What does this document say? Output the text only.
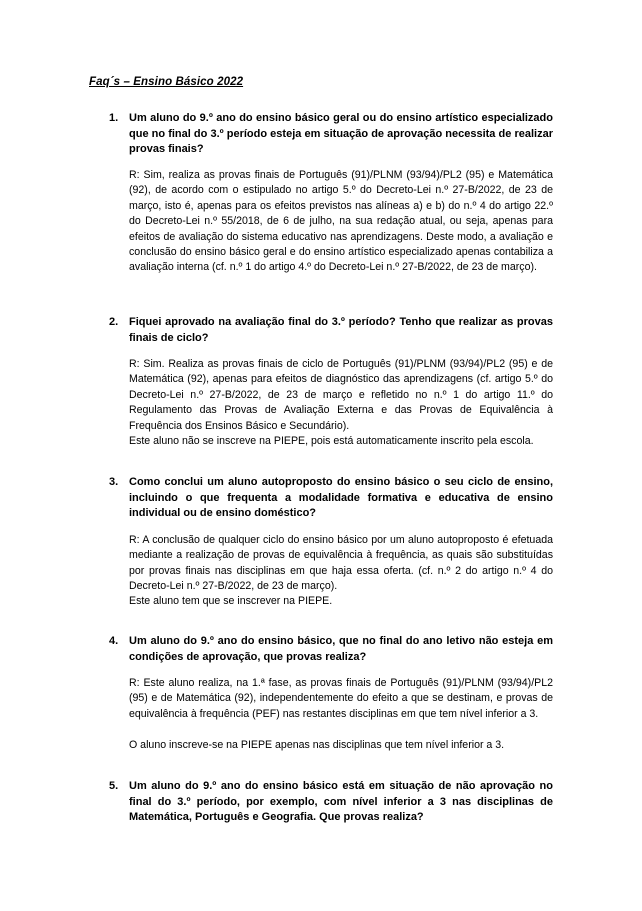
Faq´s – Ensino Básico 2022

1. Um aluno do 9.º ano do ensino básico geral ou do ensino artístico especializado que no final do 3.º período esteja em situação de aprovação necessita de realizar provas finais?

R: Sim, realiza as provas finais de Português (91)/PLNM (93/94)/PL2 (95) e Matemática (92), de acordo com o estipulado no artigo 5.º do Decreto-Lei n.º 27-B/2022, de 23 de março, isto é, apenas para os efeitos previstos nas alíneas a) e b) do n.º 4 do artigo 22.º do Decreto-Lei n.º 55/2018, de 6 de julho, na sua redação atual, ou seja, apenas para efeitos de avaliação do sistema educativo nas aprendizagens. Deste modo, a avaliação e conclusão do ensino básico geral e do ensino artístico especializado apenas contabiliza a avaliação interna (cf. n.º 1 do artigo 4.º do Decreto-Lei n.º 27-B/2022, de 23 de março).

2. Fiquei aprovado na avaliação final do 3.º período? Tenho que realizar as provas finais de ciclo?

R: Sim. Realiza as provas finais de ciclo de Português (91)/PLNM (93/94)/PL2 (95) e de Matemática (92), apenas para efeitos de diagnóstico das aprendizagens (cf. artigo 5.º do Decreto-Lei n.º 27-B/2022, de 23 de março e refletido no n.º 1 do artigo 11.º do Regulamento das Provas de Avaliação Externa e das Provas de Equivalência à Frequência dos Ensinos Básico e Secundário).

Este aluno não se inscreve na PIEPE, pois está automaticamente inscrito pela escola.

3. Como conclui um aluno autoproposto do ensino básico o seu ciclo de ensino, incluindo o que frequenta a modalidade formativa e educativa de ensino individual ou de ensino doméstico?

R: A conclusão de qualquer ciclo do ensino básico por um aluno autoproposto é efetuada mediante a realização de provas de equivalência à frequência, as quais são substituídas por provas finais nas disciplinas em que haja essa oferta. (cf. n.º 2 do artigo n.º 4 do Decreto-Lei n.º 27-B/2022, de 23 de março).

Este aluno tem que se inscrever na PIEPE.

4. Um aluno do 9.º ano do ensino básico, que no final do ano letivo não esteja em condições de aprovação, que provas realiza?

R: Este aluno realiza, na 1.ª fase, as provas finais de Português (91)/PLNM (93/94)/PL2 (95) e de Matemática (92), independentemente do efeito a que se destinam, e provas de equivalência à frequência (PEF) nas restantes disciplinas em que tem nível inferior a 3.

O aluno inscreve-se na PIEPE apenas nas disciplinas que tem nível inferior a 3.

5. Um aluno do 9.º ano do ensino básico está em situação de não aprovação no final do 3.º período, por exemplo, com nível inferior a 3 nas disciplinas de Matemática, Português e Geografia. Que provas realiza?
